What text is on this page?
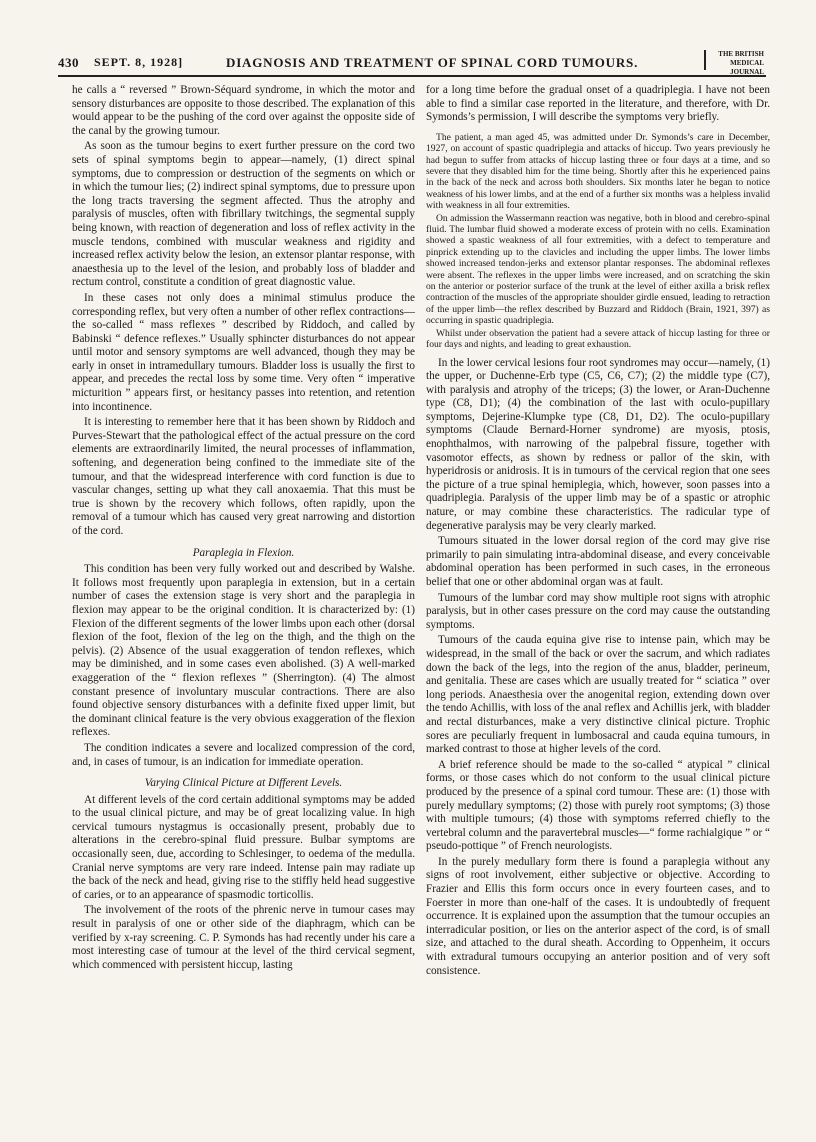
430 SEPT. 8, 1928]	DIAGNOSIS AND TREATMENT OF SPINAL CORD TUMOURS.
THE BRITISH
MEDICAL JOURNAL

he calls a “ reversed ” Brown-Séquard syndrome, in which the motor and sensory disturbances are opposite to those described. The explanation of this would appear to be the pushing of the cord over against the opposite side of the canal by the growing tumour.

As soon as the tumour begins to exert further pressure on the cord two sets of spinal symptoms begin to appear—namely, (1) direct spinal symptoms, due to compression or destruction of the segments on which or in which the tumour lies; (2) indirect spinal symptoms, due to pressure upon the long tracts traversing the segment affected. Thus the atrophy and paralysis of muscles, often with fibrillary twitchings, the segmental supply being known, with reaction of degeneration and loss of reflex activity in the muscle tendons, combined with muscular weakness and rigidity and increased reflex activity below the lesion, an extensor plantar response, with anaesthesia up to the level of the lesion, and probably loss of bladder and rectum control, constitute a condition of great diagnostic value.

In these cases not only does a minimal stimulus produce the corresponding reflex, but very often a number of other reflex contractions—the so-called “ mass reflexes ” described by Riddoch, and called by Babinski “ defence reflexes.” Usually sphincter disturbances do not appear until motor and sensory symptoms are well advanced, though they may be early in onset in intramedullary tumours. Bladder loss is usually the first to appear, and precedes the rectal loss by some time. Very often “ imperative micturition ” appears first, or hesitancy passes into retention, and retention into incontinence.

It is interesting to remember here that it has been shown by Riddoch and Purves-Stewart that the pathological effect of the actual pressure on the cord elements are extraordinarily limited, the neural processes of inflammation, softening, and degeneration being confined to the immediate site of the tumour, and that the widespread interference with cord function is due to vascular changes, setting up what they call anoxaemia. That this must be true is shown by the recovery which follows, often rapidly, upon the removal of a tumour which has caused very great narrowing and distortion of the cord.

Paraplegia in Flexion.

This condition has been very fully worked out and described by Walshe. It follows most frequently upon paraplegia in extension, but in a certain number of cases the extension stage is very short and the paraplegia in flexion may appear to be the original condition. It is characterized by: (1) Flexion of the different segments of the lower limbs upon each other (dorsal flexion of the foot, flexion of the leg on the thigh, and the thigh on the pelvis). (2) Absence of the usual exaggeration of tendon reflexes, which may be diminished, and in some cases even abolished. (3) A well-marked exaggeration of the “ flexion reflexes ” (Sherrington). (4) The almost constant presence of involuntary muscular contractions. There are also found objective sensory disturbances with a definite fixed upper limit, but the dominant clinical feature is the very obvious exaggeration of the flexion reflexes.

The condition indicates a severe and localized compression of the cord, and, in cases of tumour, is an indication for immediate operation.

Varying Clinical Picture at Different Levels.

At different levels of the cord certain additional symptoms may be added to the usual clinical picture, and may be of great localizing value. In high cervical tumours nystagmus is occasionally present, probably due to alterations in the cerebro-spinal fluid pressure. Bulbar symptoms are occasionally seen, due, according to Schlesinger, to oedema of the medulla. Cranial nerve symptoms are very rare indeed. Intense pain may radiate up the back of the neck and head, giving rise to the stiffly held head suggestive of caries, or to an appearance of spasmodic torticollis.

The involvement of the roots of the phrenic nerve in tumour cases may result in paralysis of one or other side of the diaphragm, which can be verified by x-ray screening. C. P. Symonds has had recently under his care a most interesting case of tumour at the level of the third cervical segment, which commenced with persistent hiccup, lasting

for a long time before the gradual onset of a quadriplegia. I have not been able to find a similar case reported in the literature, and therefore, with Dr. Symonds’s permission, I will describe the symptoms very briefly.

The patient, a man aged 45, was admitted under Dr. Symonds’s care in December, 1927, on account of spastic quadriplegia and attacks of hiccup. Two years previously he had begun to suffer from attacks of hiccup lasting three or four days at a time, and so severe that they disabled him for the time being. Shortly after this he experienced pains in the back of the neck and across both shoulders. Six months later he began to notice weakness of his lower limbs, and at the end of a further six months was a helpless invalid with weakness in all four extremities.

On admission the Wassermann reaction was negative, both in blood and cerebro-spinal fluid. The lumbar fluid showed a moderate excess of protein with no cells. Examination showed a spastic weakness of all four extremities, with a defect to temperature and pinprick extending up to the clavicles and including the upper limbs. The lower limbs showed increased tendon-jerks and extensor plantar responses. The abdominal reflexes were absent. The reflexes in the upper limbs were increased, and on scratching the skin on the anterior or posterior surface of the trunk at the level of either axilla a brisk reflex contraction of the muscles of the appropriate shoulder girdle ensued, leading to retraction of the upper limb—the reflex described by Buzzard and Riddoch (Brain, 1921, 397) as occurring in spastic quadriplegia.

Whilst under observation the patient had a severe attack of hiccup lasting for three or four days and nights, and leading to great exhaustion.

In the lower cervical lesions four root syndromes may occur—namely, (1) the upper, or Duchenne-Erb type (C5, C6, C7); (2) the middle type (C7), with paralysis and atrophy of the triceps; (3) the lower, or Aran-Duchenne type (C8, D1); (4) the combination of the last with oculo-pupillary symptoms, Dejerine-Klumpke type (C8, D1, D2). The oculo-pupillary symptoms (Claude Bernard-Horner syndrome) are myosis, ptosis, enophthalmos, with narrowing of the palpebral fissure, together with vasomotor effects, as shown by redness or pallor of the skin, with hyperidrosis or anidrosis. It is in tumours of the cervical region that one sees the picture of a true spinal hemiplegia, which, however, soon passes into a quadriplegia. Paralysis of the upper limb may be of a spastic or atrophic nature, or may combine these characteristics. The radicular type of degenerative paralysis may be very clearly marked.

Tumours situated in the lower dorsal region of the cord may give rise primarily to pain simulating intra-abdominal disease, and every conceivable abdominal operation has been performed in such cases, in the erroneous belief that one or other abdominal organ was at fault.

Tumours of the lumbar cord may show multiple root signs with atrophic paralysis, but in other cases pressure on the cord may cause the outstanding symptoms.

Tumours of the cauda equina give rise to intense pain, which may be widespread, in the small of the back or over the sacrum, and which radiates down the back of the legs, into the region of the anus, bladder, perineum, and genitalia. These are cases which are usually treated for “ sciatica ” over long periods. Anaesthesia over the anogenital region, extending down over the tendo Achillis, with loss of the anal reflex and Achillis jerk, with bladder and rectal disturbances, make a very distinctive clinical picture. Trophic sores are peculiarly frequent in lumbosacral and cauda equina tumours, in marked contrast to those at higher levels of the cord.

A brief reference should be made to the so-called “ atypical ” clinical forms, or those cases which do not conform to the usual clinical picture produced by the presence of a spinal cord tumour. These are: (1) those with purely medullary symptoms; (2) those with purely root symptoms; (3) those with multiple tumours; (4) those with symptoms referred chiefly to the vertebral column and the paravertebral muscles—“ forme rachialgique ” or “ pseudo-pottique ” of French neurologists.

In the purely medullary form there is found a paraplegia without any signs of root involvement, either subjective or objective. According to Frazier and Ellis this form occurs once in every fourteen cases, and to Foerster in more than one-half of the cases. It is undoubtedly of frequent occurrence. It is explained upon the assumption that the tumour occupies an interradicular position, or lies on the anterior aspect of the cord, is of small size, and attached to the dural sheath. According to Oppenheim, it occurs with extradural tumours occupying an anterior position and of very soft consistence.
